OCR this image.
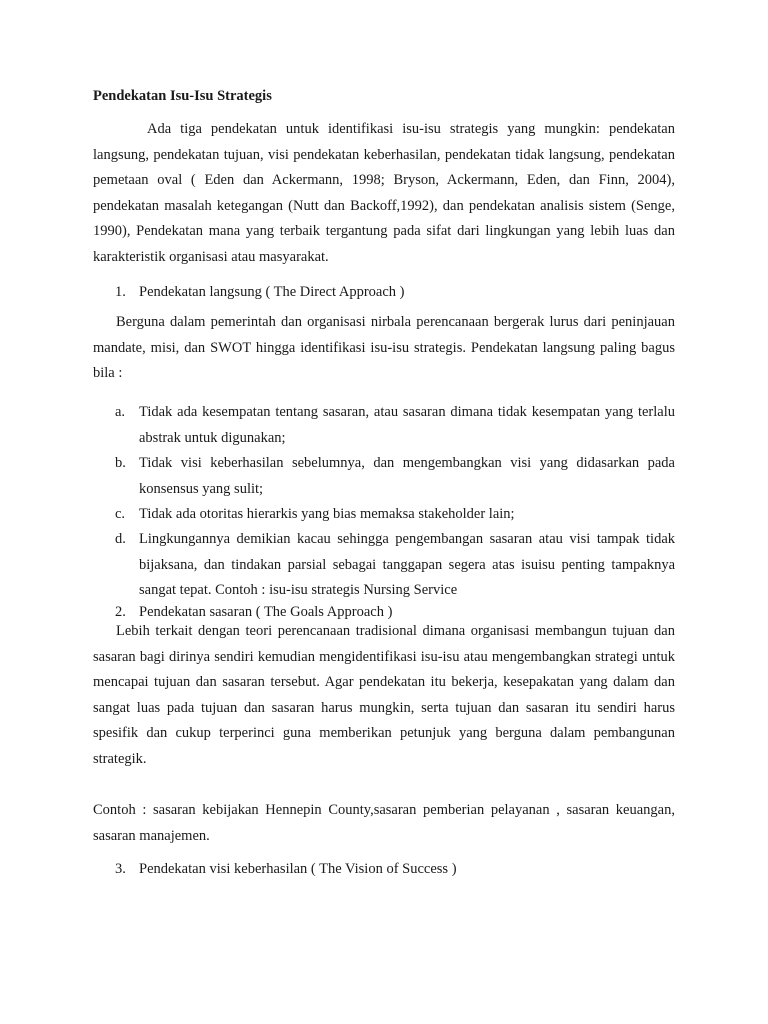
Pendekatan Isu-Isu Strategis

Ada tiga pendekatan untuk identifikasi isu-isu strategis yang mungkin: pendekatan langsung, pendekatan tujuan, visi pendekatan keberhasilan, pendekatan tidak langsung, pendekatan pemetaan oval ( Eden dan Ackermann, 1998; Bryson, Ackermann, Eden, dan Finn, 2004), pendekatan masalah ketegangan (Nutt dan Backoff,1992), dan pendekatan analisis sistem (Senge, 1990), Pendekatan mana yang terbaik tergantung pada sifat dari lingkungan yang lebih luas dan karakteristik organisasi atau masyarakat.

1. Pendekatan langsung ( The Direct Approach )

Berguna dalam pemerintah dan organisasi nirbala perencanaan bergerak lurus dari peninjauan mandate, misi, dan SWOT hingga identifikasi isu-isu strategis. Pendekatan langsung paling bagus bila :

a. Tidak ada kesempatan tentang sasaran, atau sasaran dimana tidak kesempatan yang terlalu abstrak untuk digunakan;
b. Tidak visi keberhasilan sebelumnya, dan mengembangkan visi yang didasarkan pada konsensus yang sulit;
c. Tidak ada otoritas hierarkis yang bias memaksa stakeholder lain;
d. Lingkungannya demikian kacau sehingga pengembangan sasaran atau visi tampak tidak bijaksana, dan tindakan parsial sebagai tanggapan segera atas isuisu penting tampaknya sangat tepat. Contoh : isu-isu strategis Nursing Service
2. Pendekatan sasaran ( The Goals Approach )

Lebih terkait dengan teori perencanaan tradisional dimana organisasi membangun tujuan dan sasaran bagi dirinya sendiri kemudian mengidentifikasi isu-isu atau mengembangkan strategi untuk mencapai tujuan dan sasaran tersebut. Agar pendekatan itu bekerja, kesepakatan yang dalam dan sangat luas pada tujuan dan sasaran harus mungkin, serta tujuan dan sasaran itu sendiri harus spesifik dan cukup terperinci guna memberikan petunjuk yang berguna dalam pembangunan strategik.

Contoh : sasaran kebijakan Hennepin County,sasaran pemberian pelayanan , sasaran keuangan, sasaran manajemen.

3. Pendekatan visi keberhasilan ( The Vision of Success )
